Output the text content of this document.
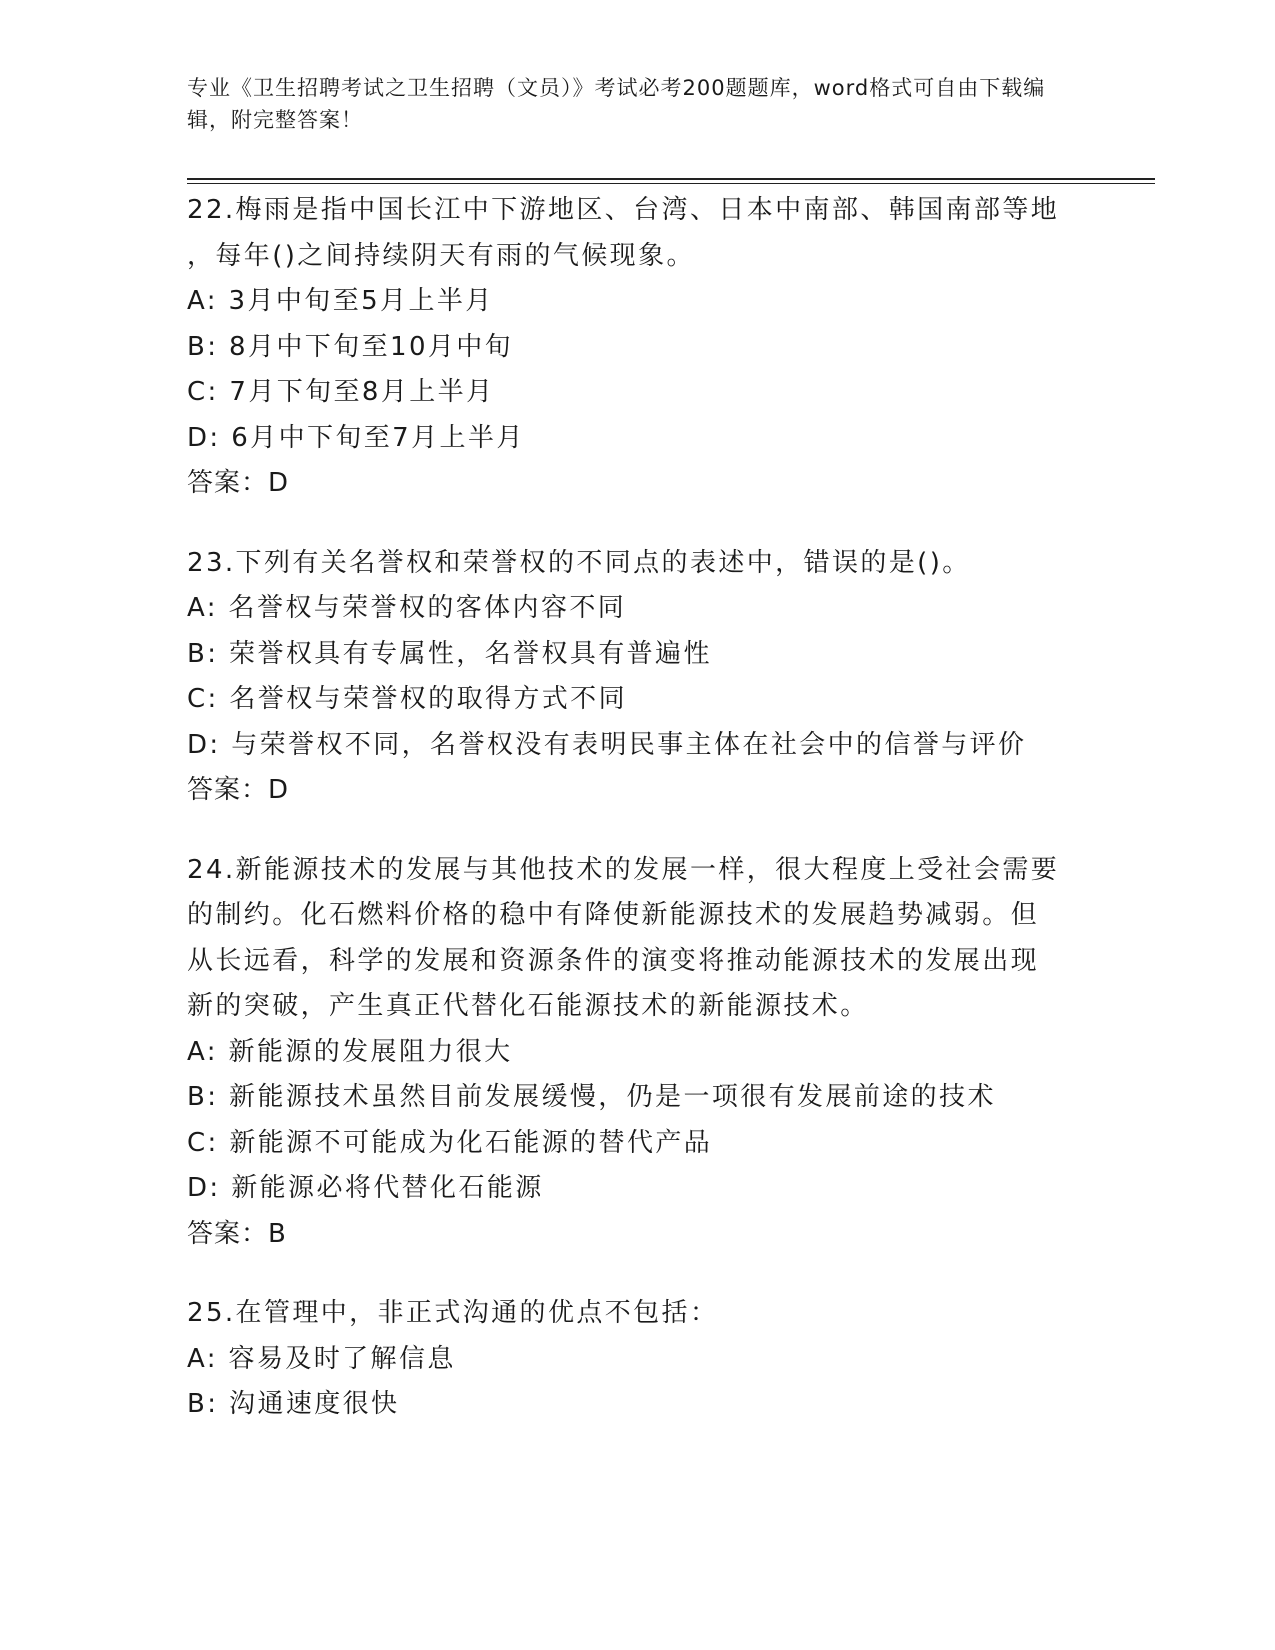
专业《卫生招聘考试之卫生招聘（文员）》考试必考200题题库，word格式可自由下载编辑，附完整答案！
22.梅雨是指中国长江中下游地区、台湾、日本中南部、韩国南部等地
，每年()之间持续阴天有雨的气候现象。
A: 3月中旬至5月上半月
B: 8月中下旬至10月中旬
C: 7月下旬至8月上半月
D: 6月中下旬至7月上半月
答案：D
23.下列有关名誉权和荣誉权的不同点的表述中，错误的是()。
A: 名誉权与荣誉权的客体内容不同
B: 荣誉权具有专属性，名誉权具有普遍性
C: 名誉权与荣誉权的取得方式不同
D: 与荣誉权不同，名誉权没有表明民事主体在社会中的信誉与评价
答案：D
24.新能源技术的发展与其他技术的发展一样，很大程度上受社会需要
的制约。化石燃料价格的稳中有降使新能源技术的发展趋势减弱。但
从长远看，科学的发展和资源条件的演变将推动能源技术的发展出现
新的突破，产生真正代替化石能源技术的新能源技术。
A: 新能源的发展阻力很大
B: 新能源技术虽然目前发展缓慢，仍是一项很有发展前途的技术
C: 新能源不可能成为化石能源的替代产品
D: 新能源必将代替化石能源
答案：B
25.在管理中，非正式沟通的优点不包括：
A: 容易及时了解信息
B: 沟通速度很快
